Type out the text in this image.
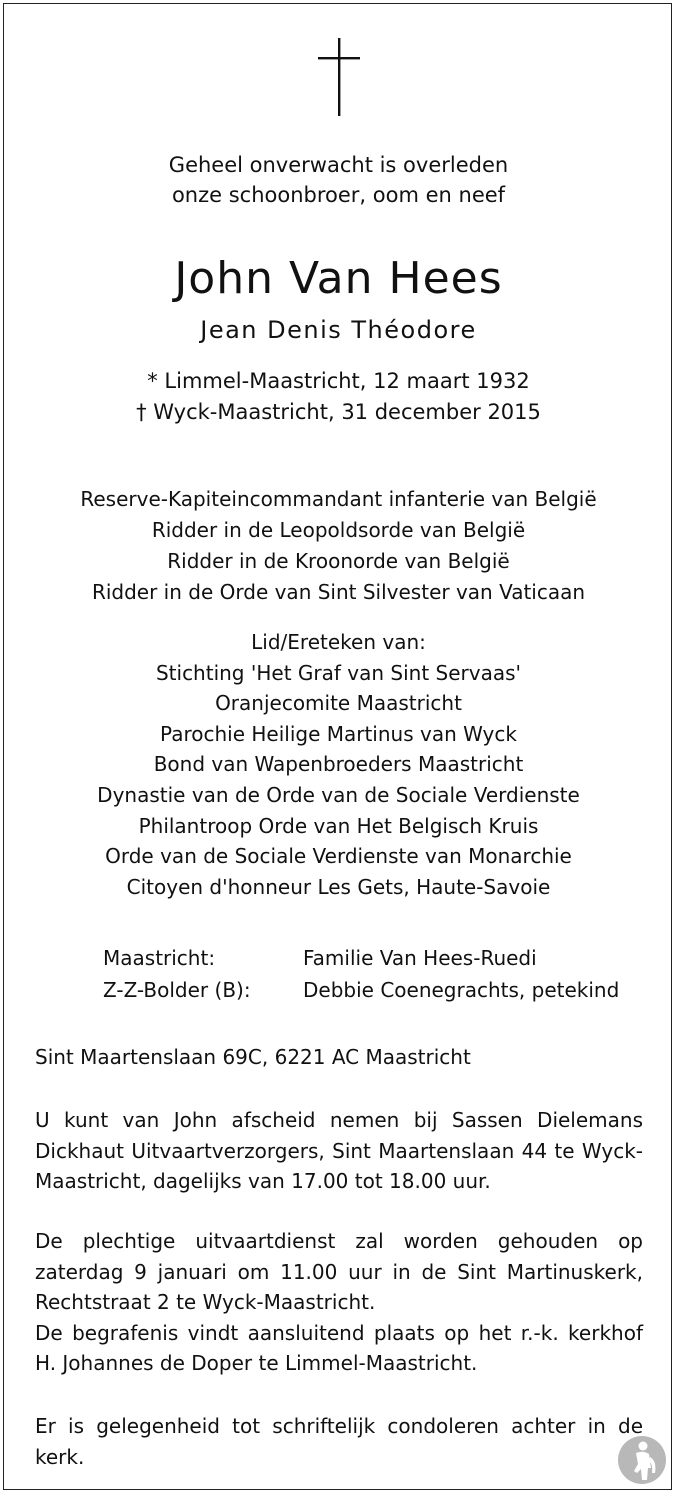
Geheel onverwacht is overleden
onze schoonbroer, oom en neef
John Van Hees
Jean Denis Théodore
* Limmel-Maastricht, 12 maart 1932
† Wyck-Maastricht, 31 december 2015
Reserve-Kapiteincommandant infanterie van België
Ridder in de Leopoldsorde van België
Ridder in de Kroonorde van België
Ridder in de Orde van Sint Silvester van Vaticaan
Lid/Ereteken van:
Stichting 'Het Graf van Sint Servaas'
Oranjecomite Maastricht
Parochie Heilige Martinus van Wyck
Bond van Wapenbroeders Maastricht
Dynastie van de Orde van de Sociale Verdienste
Philantroop Orde van Het Belgisch Kruis
Orde van de Sociale Verdienste van Monarchie
Citoyen d'honneur Les Gets, Haute-Savoie
Maastricht:	Familie Van Hees-Ruedi
Z-Z-Bolder (B):	Debbie Coenegrachts, petekind
Sint Maartenslaan 69C, 6221 AC Maastricht
U kunt van John afscheid nemen bij Sassen Dielemans Dickhaut Uitvaartverzorgers, Sint Maartenslaan 44 te Wyck-Maastricht, dagelijks van 17.00 tot 18.00 uur.
De plechtige uitvaartdienst zal worden gehouden op zaterdag 9 januari om 11.00 uur in de Sint Martinuskerk, Rechtstraat 2 te Wyck-Maastricht.
De begrafenis vindt aansluitend plaats op het r.-k. kerkhof H. Johannes de Doper te Limmel-Maastricht.
Er is gelegenheid tot schriftelijk condoleren achter in de kerk.
